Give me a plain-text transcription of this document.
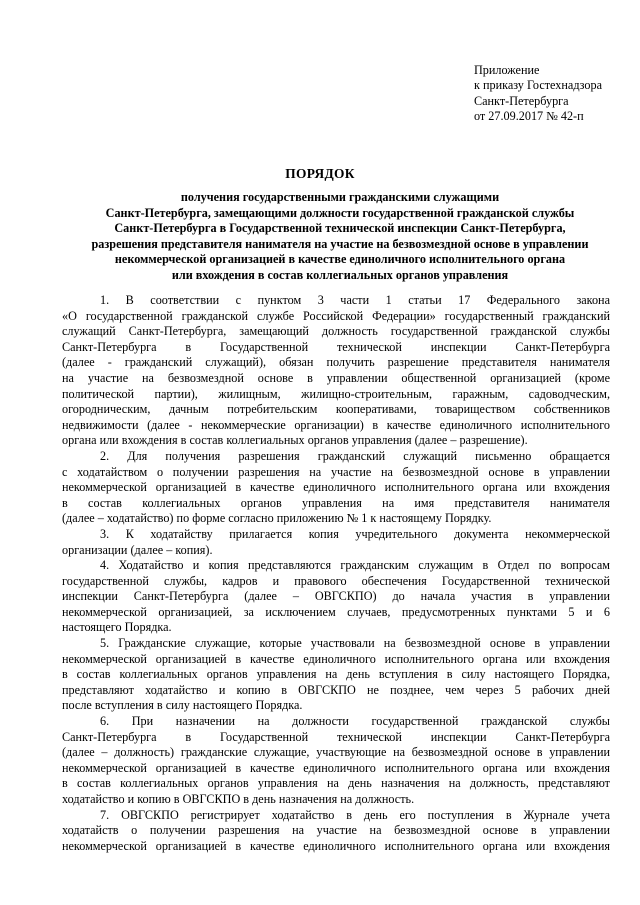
Приложение
к приказу Гостехнадзора
Санкт-Петербурга
от 27.09.2017 № 42-п
ПОРЯДОК
получения государственными гражданскими служащими
Санкт-Петербурга, замещающими должности государственной гражданской службы
Санкт-Петербурга в Государственной технической инспекции Санкт-Петербурга,
разрешения представителя нанимателя на участие на безвозмездной основе в управлении
некоммерческой организацией в качестве единоличного исполнительного органа
или вхождения в состав коллегиальных органов управления
1. В соответствии с пунктом 3 части 1 статьи 17 Федерального закона
«О государственной гражданской службе Российской Федерации» государственный гражданский
служащий Санкт-Петербурга, замещающий должность государственной гражданской службы
Санкт-Петербурга в Государственной технической инспекции Санкт-Петербурга
(далее - гражданский служащий), обязан получить разрешение представителя нанимателя
на участие на безвозмездной основе в управлении общественной организацией (кроме
политической партии), жилищным, жилищно-строительным, гаражным, садоводческим,
огородническим, дачным потребительским кооперативами, товариществом собственников
недвижимости (далее - некоммерческие организации) в качестве единоличного исполнительного
органа или вхождения в состав коллегиальных органов управления (далее – разрешение).
2. Для получения разрешения гражданский служащий письменно обращается
с ходатайством о получении разрешения на участие на безвозмездной основе в управлении
некоммерческой организацией в качестве единоличного исполнительного органа или вхождения
в состав коллегиальных органов управления на имя представителя нанимателя
(далее – ходатайство) по форме согласно приложению № 1 к настоящему Порядку.
3. К ходатайству прилагается копия учредительного документа некоммерческой
организации (далее – копия).
4. Ходатайство и копия представляются гражданским служащим в Отдел по вопросам
государственной службы, кадров и правового обеспечения Государственной технической
инспекции Санкт-Петербурга (далее – ОВГСКПО) до начала участия в управлении
некоммерческой организацией, за исключением случаев, предусмотренных пунктами 5 и 6
настоящего Порядка.
5. Гражданские служащие, которые участвовали на безвозмездной основе в управлении
некоммерческой организацией в качестве единоличного исполнительного органа или вхождения
в состав коллегиальных органов управления на день вступления в силу настоящего Порядка,
представляют ходатайство и копию в ОВГСКПО не позднее, чем через 5 рабочих дней
после вступления в силу настоящего Порядка.
6. При назначении на должности государственной гражданской службы
Санкт-Петербурга в Государственной технической инспекции Санкт-Петербурга
(далее – должность) гражданские служащие, участвующие на безвозмездной основе в управлении
некоммерческой организацией в качестве единоличного исполнительного органа или вхождения
в состав коллегиальных органов управления на день назначения на должность, представляют
ходатайство и копию в ОВГСКПО в день назначения на должность.
7. ОВГСКПО регистрирует ходатайство в день его поступления в Журнале учета
ходатайств о получении разрешения на участие на безвозмездной основе в управлении
некоммерческой организацией в качестве единоличного исполнительного органа или вхождения
